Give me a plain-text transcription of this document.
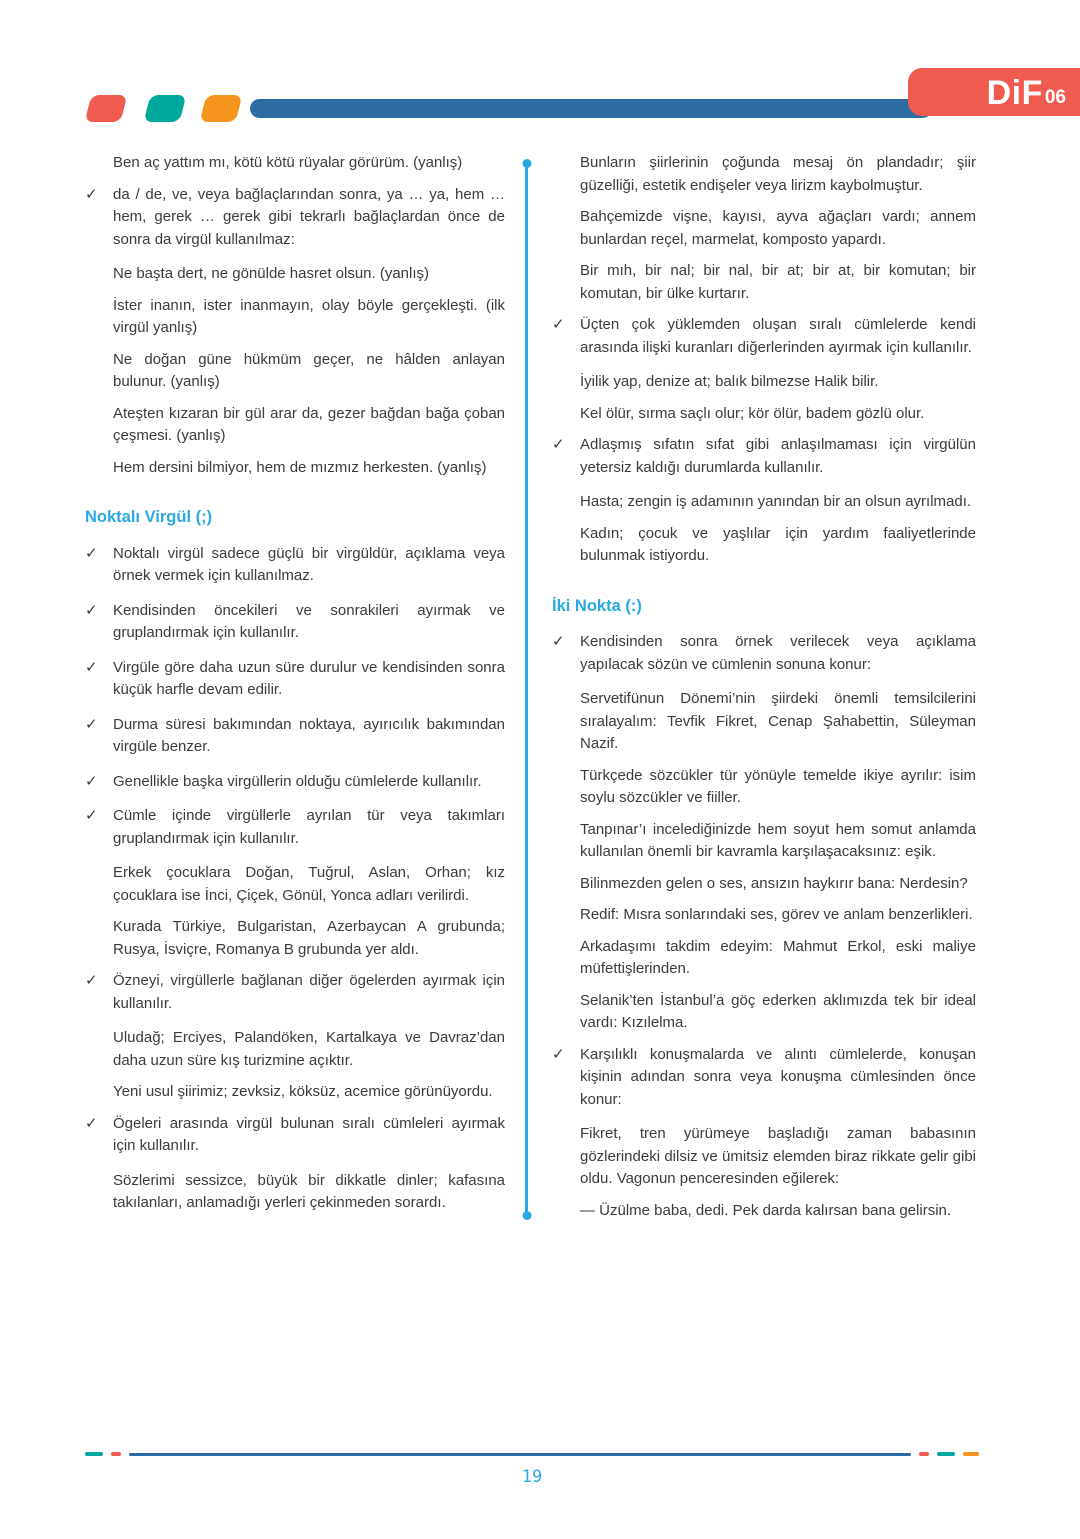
DiF 06
Ben aç yattım mı, kötü kötü rüyalar görürüm. (yanlış)
✓	da / de, ve, veya bağlaçlarından sonra, ya … ya, hem … hem, gerek … gerek gibi tekrarlı bağlaçlardan önce de sonra da virgül kullanılmaz:
Ne başta dert, ne gönülde hasret olsun. (yanlış)
İster inanın, ister inanmayın, olay böyle gerçekleşti. (ilk virgül yanlış)
Ne doğan güne hükmüm geçer, ne hâlden anlayan bulunur. (yanlış)
Ateşten kızaran bir gül arar da, gezer bağdan bağa çoban çeşmesi. (yanlış)
Hem dersini bilmiyor, hem de mızmız herkesten. (yanlış)
Noktalı Virgül (;)
✓	Noktalı virgül sadece güçlü bir virgüldür, açıklama veya örnek vermek için kullanılmaz.
✓	Kendisinden öncekileri ve sonrakileri ayırmak ve gruplandırmak için kullanılır.
✓	Virgüle göre daha uzun süre durulur ve kendisinden sonra küçük harfle devam edilir.
✓	Durma süresi bakımından noktaya, ayırıcılık bakımından virgüle benzer.
✓	Genellikle başka virgüllerin olduğu cümlelerde kullanılır.
✓	Cümle içinde virgüllerle ayrılan tür veya takımları gruplandırmak için kullanılır.
Erkek çocuklara Doğan, Tuğrul, Aslan, Orhan; kız çocuklara ise İnci, Çiçek, Gönül, Yonca adları verilirdi.
Kurada Türkiye, Bulgaristan, Azerbaycan A grubunda; Rusya, İsviçre, Romanya B grubunda yer aldı.
✓	Özneyi, virgüllerle bağlanan diğer ögelerden ayırmak için kullanılır.
Uludağ; Erciyes, Palandöken, Kartalkaya ve Davraz’dan daha uzun süre kış turizmine açıktır.
Yeni usul şiirimiz; zevksiz, köksüz, acemice görünüyordu.
✓	Ögeleri arasında virgül bulunan sıralı cümleleri ayırmak için kullanılır.
Sözlerimi sessizce, büyük bir dikkatle dinler; kafasına takılanları, anlamadığı yerleri çekinmeden sorardı.
Bunların şiirlerinin çoğunda mesaj ön plandadır; şiir güzelliği, estetik endişeler veya lirizm kaybolmuştur.
Bahçemizde vişne, kayısı, ayva ağaçları vardı; annem bunlardan reçel, marmelat, komposto yapardı.
Bir mıh, bir nal; bir nal, bir at; bir at, bir komutan; bir komutan, bir ülke kurtarır.
✓	Üçten çok yüklemden oluşan sıralı cümlelerde kendi arasında ilişki kuranları diğerlerinden ayırmak için kullanılır.
İyilik yap, denize at; balık bilmezse Halik bilir.
Kel ölür, sırma saçlı olur; kör ölür, badem gözlü olur.
✓	Adlaşmış sıfatın sıfat gibi anlaşılmaması için virgülün yetersiz kaldığı durumlarda kullanılır.
Hasta; zengin iş adamının yanından bir an olsun ayrılmadı.
Kadın; çocuk ve yaşlılar için yardım faaliyetlerinde bulunmak istiyordu.
İki Nokta (:)
✓	Kendisinden sonra örnek verilecek veya açıklama yapılacak sözün ve cümlenin sonuna konur:
Servetifünun Dönemi’nin şiirdeki önemli temsilcilerini sıralayalım: Tevfik Fikret, Cenap Şahabettin, Süleyman Nazif.
Türkçede sözcükler tür yönüyle temelde ikiye ayrılır: isim soylu sözcükler ve fiiller.
Tanpınar’ı incelediğinizde hem soyut hem somut anlamda kullanılan önemli bir kavramla karşılaşacaksınız: eşik.
Bilinmezden gelen o ses, ansızın haykırır bana: Nerdesin?
Redif: Mısra sonlarındaki ses, görev ve anlam benzerlikleri.
Arkadaşımı takdim edeyim: Mahmut Erkol, eski maliye müfettişlerinden.
Selanik’ten İstanbul’a göç ederken aklımızda tek bir ideal vardı: Kızılelma.
✓	Karşılıklı konuşmalarda ve alıntı cümlelerde, konuşan kişinin adından sonra veya konuşma cümlesinden önce konur:
Fikret, tren yürümeye başladığı zaman babasının gözlerindeki dilsiz ve ümitsiz elemden biraz rikkate gelir gibi oldu. Vagonun penceresinden eğilerek:
— Üzülme baba, dedi. Pek darda kalırsan bana gelirsin.
19
